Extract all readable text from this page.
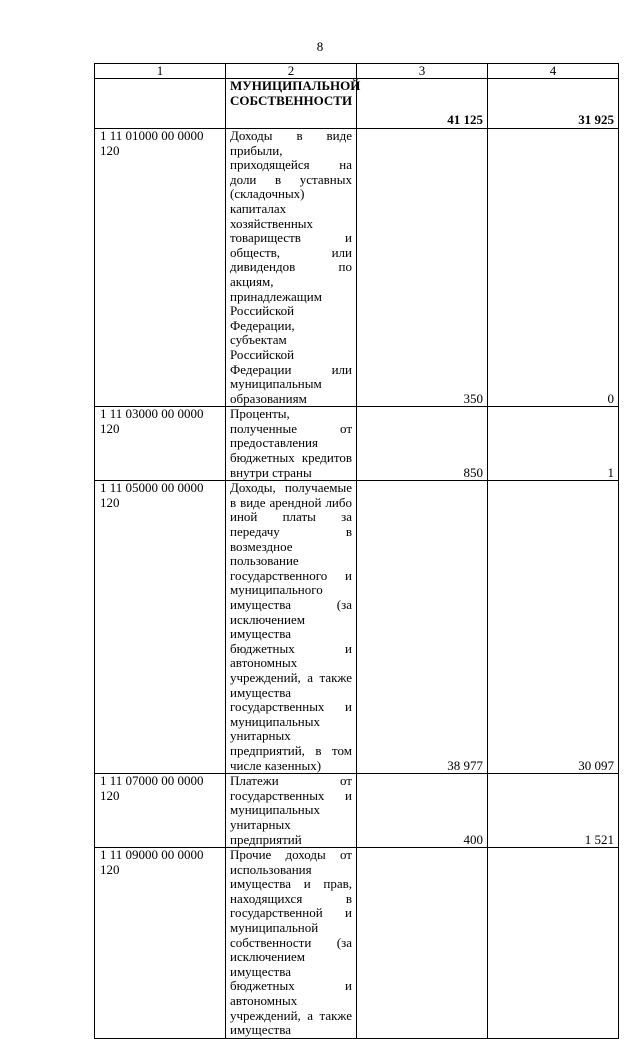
8
1	2	3	4
	МУНИЦИПАЛЬНОЙ СОБСТВЕННОСТИ	41 125	31 925
1 11 01000 00 0000 120	Доходы в виде прибыли, приходящейся на доли в уставных (складочных) капиталах хозяйственных товариществ и обществ, или дивидендов по акциям, принадлежащим Российской Федерации, субъектам Российской Федерации или муниципальным образованиям	350	0
1 11 03000 00 0000 120	Проценты, полученные от предоставления бюджетных кредитов внутри страны	850	1
1 11 05000 00 0000 120	Доходы, получаемые в виде арендной либо иной платы за передачу в возмездное пользование государственного и муниципального имущества (за исключением имущества бюджетных и автономных учреждений, а также имущества государственных и муниципальных унитарных предприятий, в том числе казенных)	38 977	30 097
1 11 07000 00 0000 120	Платежи от государственных и муниципальных унитарных предприятий	400	1 521
1 11 09000 00 0000 120	Прочие доходы от использования имущества и прав, находящихся в государственной и муниципальной собственности (за исключением имущества бюджетных и автономных учреждений, а также имущества		
